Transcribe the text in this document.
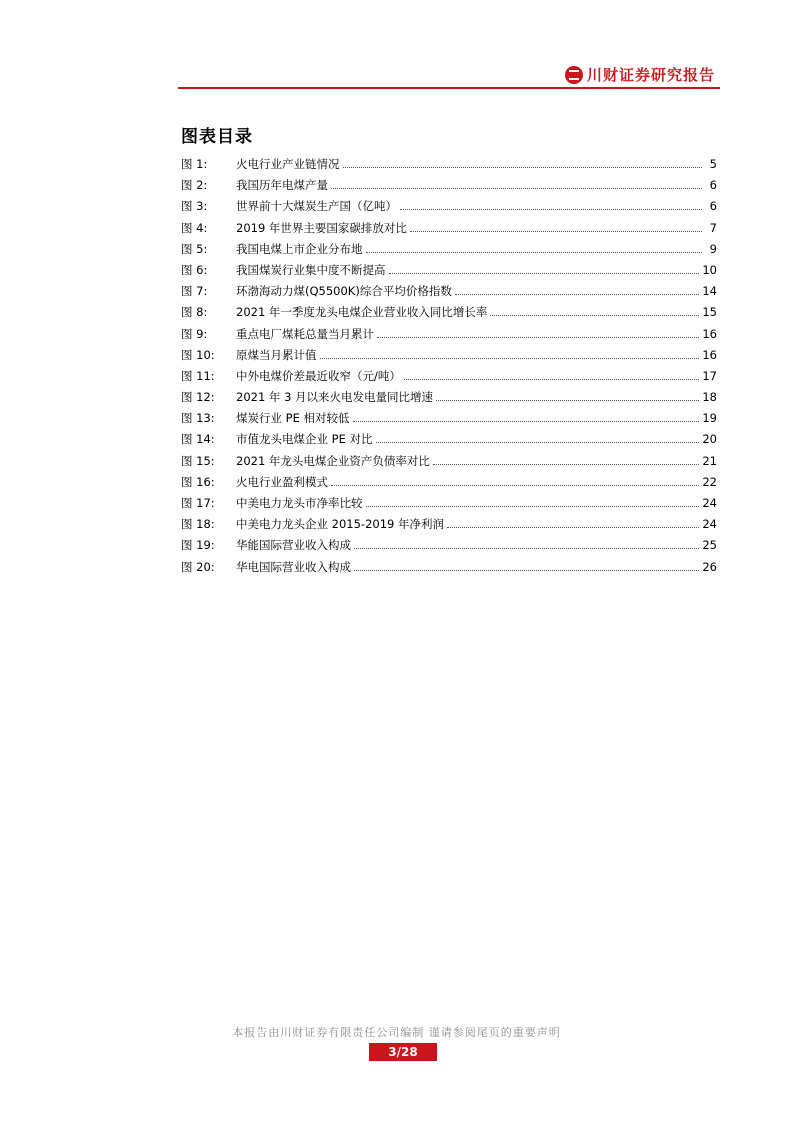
川财证券研究报告
图表目录
图 1:	火电行业产业链情况	5
图 2:	我国历年电煤产量	6
图 3:	世界前十大煤炭生产国（亿吨）	6
图 4:	2019 年世界主要国家碳排放对比	7
图 5:	我国电煤上市企业分布地	9
图 6:	我国煤炭行业集中度不断提高	10
图 7:	环渤海动力煤(Q5500K)综合平均价格指数	14
图 8:	2021 年一季度龙头电煤企业营业收入同比增长率	15
图 9:	重点电厂煤耗总量当月累计	16
图 10:	原煤当月累计值	16
图 11:	中外电煤价差最近收窄（元/吨）	17
图 12:	2021 年 3 月以来火电发电量同比增速	18
图 13:	煤炭行业 PE 相对较低	19
图 14:	市值龙头电煤企业 PE 对比	20
图 15:	2021 年龙头电煤企业资产负债率对比	21
图 16:	火电行业盈利模式	22
图 17:	中美电力龙头市净率比较	24
图 18:	中美电力龙头企业 2015-2019 年净利润	24
图 19:	华能国际营业收入构成	25
图 20:	华电国际营业收入构成	26
本报告由川财证券有限责任公司编制 谨请参阅尾页的重要声明
3/28
